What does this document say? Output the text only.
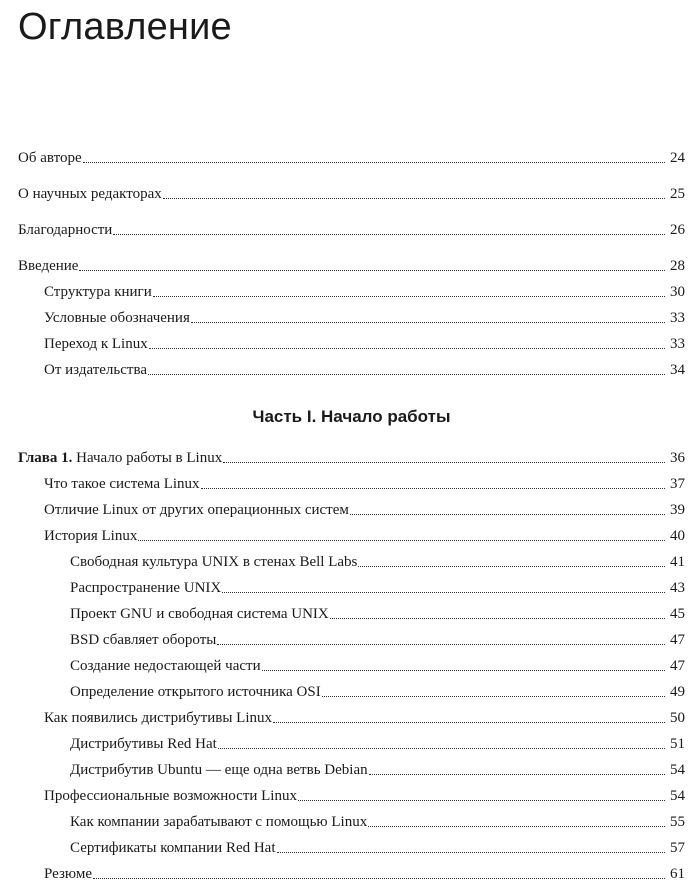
Оглавление
Об авторе	24
О научных редакторах	25
Благодарности	26
Введение	28
Структура книги	30
Условные обозначения	33
Переход к Linux	33
От издательства	34
Часть I. Начало работы
Глава 1. Начало работы в Linux	36
Что такое система Linux	37
Отличие Linux от других операционных систем	39
История Linux	40
Свободная культура UNIX в стенах Bell Labs	41
Распространение UNIX	43
Проект GNU и свободная система UNIX	45
BSD сбавляет обороты	47
Создание недостающей части	47
Определение открытого источника OSI	49
Как появились дистрибутивы Linux	50
Дистрибутивы Red Hat	51
Дистрибутив Ubuntu — еще одна ветвь Debian	54
Профессиональные возможности Linux	54
Как компании зарабатывают с помощью Linux	55
Сертификаты компании Red Hat	57
Резюме	61
